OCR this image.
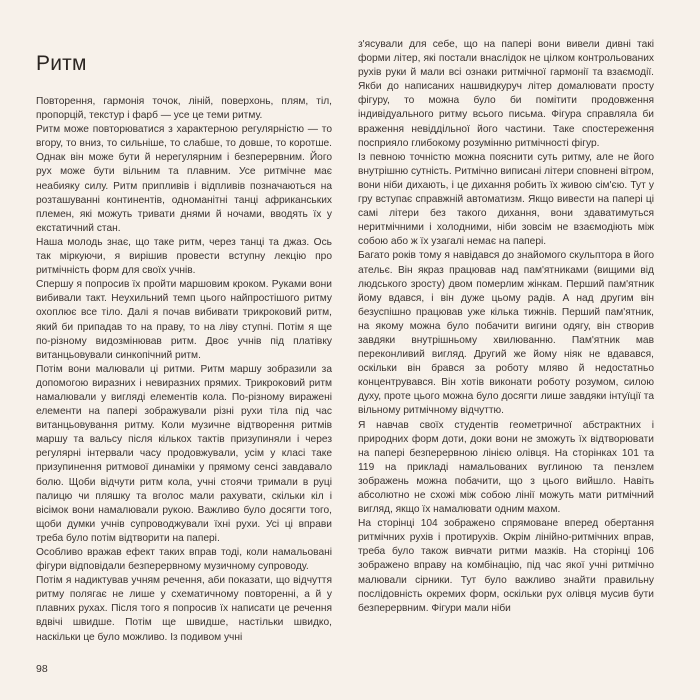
Ритм

Повторення, гармонія точок, ліній, поверхонь, плям, тіл, пропорцій, текстур і фарб — усе це теми ритму.

Ритм може повторюватися з характерною регулярністю — то вгору, то вниз, то сильніше, то слабше, то довше, то коротше. Однак він може бути й нерегулярним і безперервним. Його рух може бути вільним та плавним. Усе ритмічне має неабияку силу. Ритм припливів і відпливів позначаються на розташуванні континентів, одноманітні танці африканських племен, які можуть тривати днями й ночами, вводять їх у екстатичний стан.

Наша молодь знає, що таке ритм, через танці та джаз. Ось так міркуючи, я вирішив провести вступну лекцію про ритмічність форм для своїх учнів.

Спершу я попросив їх пройти маршовим кроком. Руками вони вибивали такт. Неухильний темп цього найпростішого ритму охоплює все тіло. Далі я почав вибивати трикроковий ритм, який би припадав то на праву, то на ліву ступні. Потім я ще по-різному видозмінював ритм. Двоє учнів під платівку витанцьовували синкопічний ритм.

Потім вони малювали ці ритми. Ритм маршу зобразили за допомогою виразних і невиразних прямих. Трикроковий ритм намалювали у вигляді елементів кола. По-різному виражені елементи на папері зображували різні рухи тіла під час витанцьовування ритму. Коли музичне відтворення ритмів маршу та вальсу після кількох тактів призупиняли і через регулярні інтервали часу продовжували, усім у класі таке призупинення ритмової динаміки у прямому сенсі завдавало болю. Щоби відчути ритм кола, учні стоячи тримали в руці палицю чи пляшку та вголос мали рахувати, скільки кіл і віcімок вони намалювали рукою. Важливо було досягти того, щоби думки учнів супроводжували їхні рухи. Усі ці вправи треба було потім відтворити на папері.

Особливо вражав ефект таких вправ тоді, коли намальовані фігури відповідали безперервному музичному супроводу.

Потім я надиктував учням речення, аби показати, що відчуття ритму полягає не лише у схематичному повторенні, а й у плавних рухах. Після того я попросив їх написати це речення вдвічі швидше. Потім ще швидше, настільки швидко, наскільки це було можливо. Із подивом учні

з'ясували для себе, що на папері вони вивели дивні такі форми літер, які постали внаслідок не цілком контрольованих рухів руки й мали всі ознаки ритмічної гармонії та взаємодії. Якби до написаних нашвидкуруч літер домалювати просту фігуру, то можна було би помітити продовження індивідуального ритму всього письма. Фігура справляла би враження невіддільної його частини. Таке спостереження посприяло глибокому розумінню ритмічності фігур.

Із певною точністю можна пояснити суть ритму, але не його внутрішню сутність. Ритмічно виписані літери сповнені вітром, вони ніби дихають, і це дихання робить їх живою сім'єю. Тут у гру вступає справжній автоматизм. Якщо вивести на папері ці самі літери без такого дихання, вони здаватимуться неритмічними і холодними, ніби зовсім не взаємодіють між собою або ж їх узагалі немає на папері.

Багато років тому я навідався до знайомого скульптора в його ательє. Він якраз працював над пам'ятниками (вищими від людського зросту) двом померлим жінкам. Перший пам'ятник йому вдався, і він дуже цьому радів. А над другим він безуспішно працював уже кілька тижнів. Перший пам'ятник, на якому можна було побачити вигини одягу, він створив завдяки внутрішньому хвилюванню. Пам'ятник мав переконливий вигляд. Другий же йому ніяк не вдавався, оскільки він брався за роботу мляво й недостатньо концентрувався. Він хотів виконати роботу розумом, силою духу, проте цього можна було досягти лише завдяки інтуїції та вільному ритмічному відчуттю.

Я навчав своїх студентів геометричної абстрактних і природних форм доти, доки вони не зможуть їх відтворювати на папері безперервною лінією олівця. На сторінках 101 та 119 на прикладі намальованих вуглиною та пензлем зображень можна побачити, що з цього вийшло. Навіть абсолютно не схожі між собою лінії можуть мати ритмічний вигляд, якщо їх намалювати одним махом.

На сторінці 104 зображено спрямоване вперед обертання ритмічних рухів і протирухів. Окрім лінійно-ритмічних вправ, треба було також вивчати ритми мазків. На сторінці 106 зображено вправу на комбінацію, під час якої учні ритмічно малювали сірники. Тут було важливо знайти правильну послідовність окремих форм, оскільки рух олівця мусив бути безперервним. Фігури мали ніби

98
